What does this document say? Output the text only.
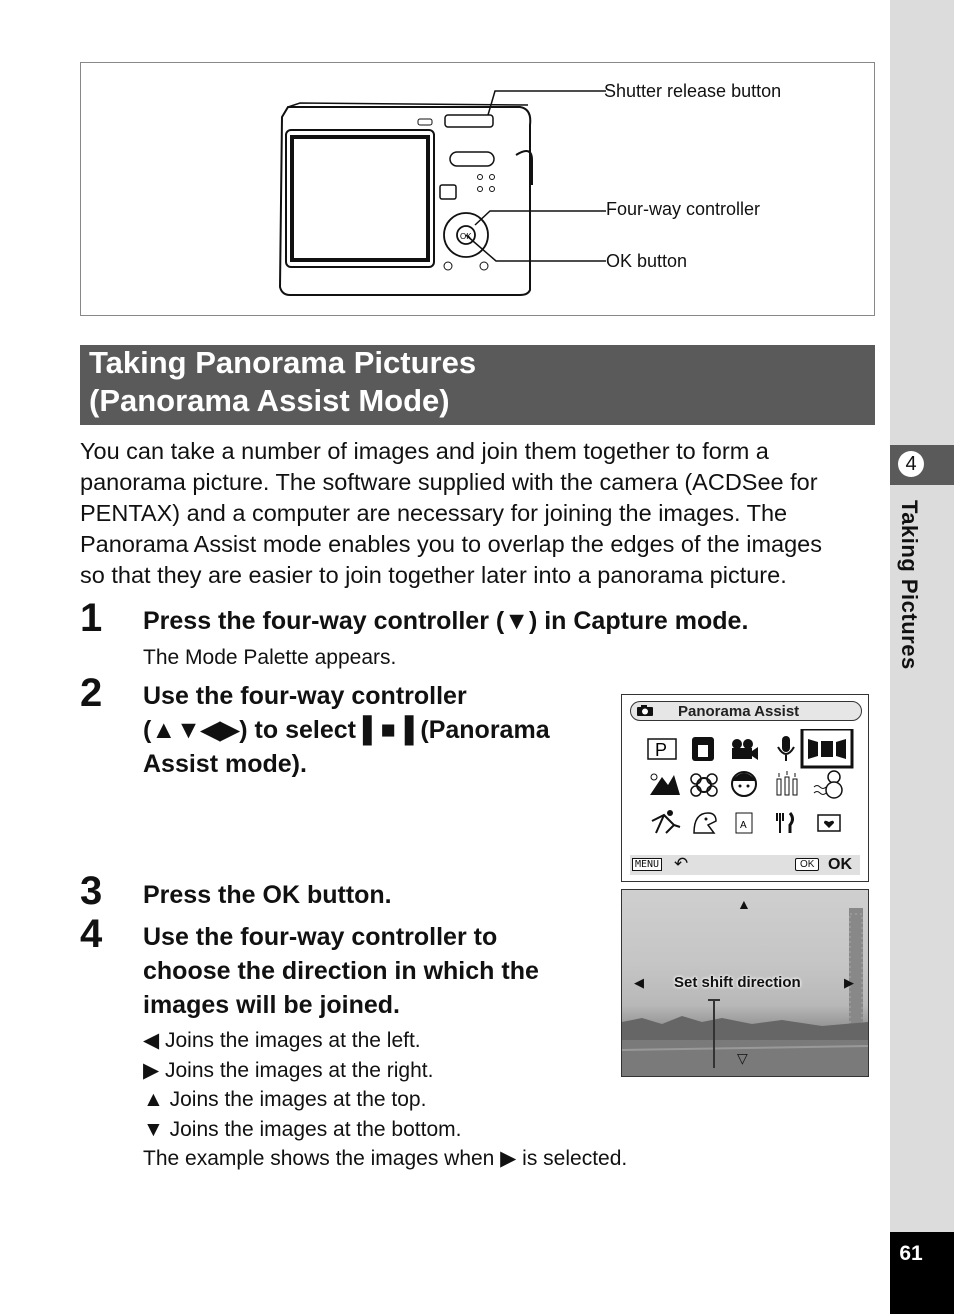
4
Taking Pictures
61
OK
Shutter release button
Four-way controller
OK button
Taking Panorama Pictures
(Panorama Assist Mode)
You can take a number of images and join them together to form a
panorama picture. The software supplied with the camera (ACDSee for
PENTAX) and a computer are necessary for joining the images. The
Panorama Assist mode enables you to overlap the edges of the images
so that they are easier to join together later into a panorama picture.
1 Press the four-way controller (▼) in Capture mode.
The Mode Palette appears.
2 Use the four-way controller
(▲▼◀▶) to select ▌■▐ (Panorama
Assist mode).
3 Press the OK button.
4 Use the four-way controller to
choose the direction in which the
images will be joined.
◀ Joins the images at the left.
▶ Joins the images at the right.
▲ Joins the images at the top.
▼ Joins the images at the bottom.
The example shows the images when ▶ is selected.
Panorama Assist
P
A
MENU ↶	OK OK
▲
▽
◀	▶
Set shift direction
